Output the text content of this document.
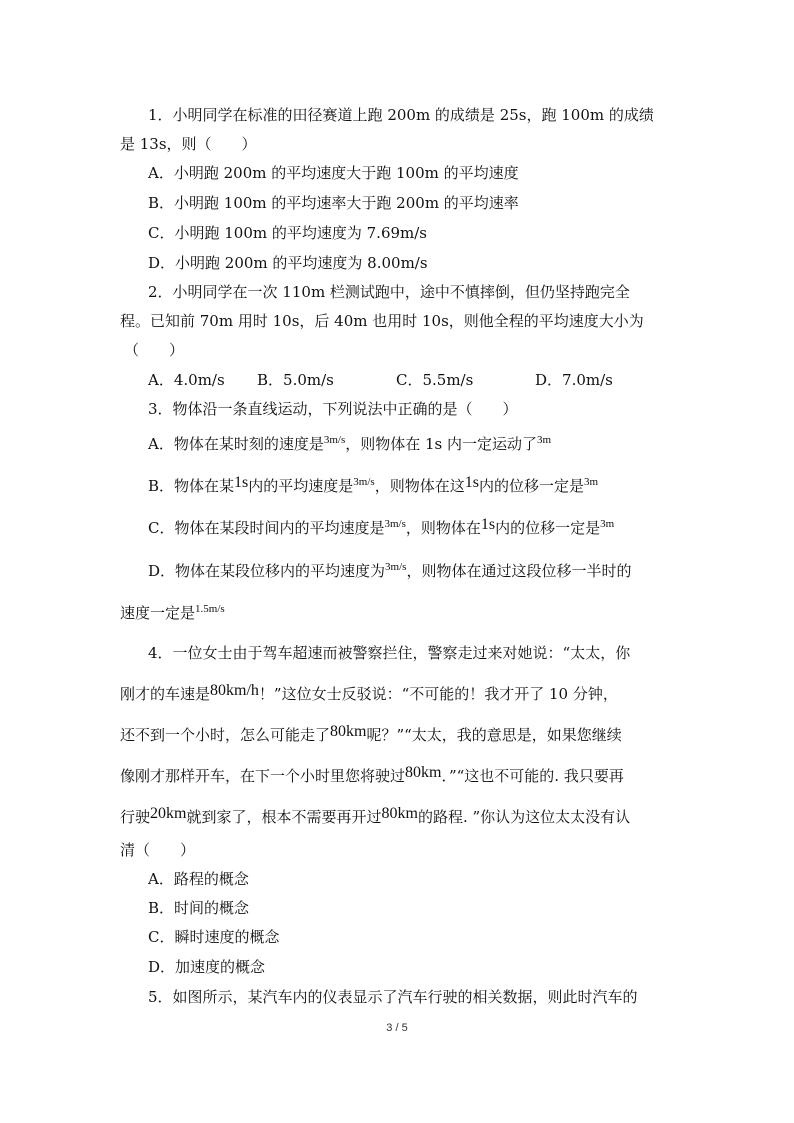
1．小明同学在标准的田径赛道上跑 200m 的成绩是 25s，跑 100m 的成绩
是 13s，则（　　）
A．小明跑 200m 的平均速度大于跑 100m 的平均速度
B．小明跑 100m 的平均速率大于跑 200m 的平均速率
C．小明跑 100m 的平均速度为 7.69m/s
D．小明跑 200m 的平均速度为 8.00m/s
2．小明同学在一次 110m 栏测试跑中，途中不慎摔倒，但仍坚持跑完全
程。已知前 70m 用时 10s，后 40m 也用时 10s，则他全程的平均速度大小为
（　　）
A．4.0m/s B．5.0m/s	C．5.5m/s	D．7.0m/s
3．物体沿一条直线运动，下列说法中正确的是（　　）
A．物体在某时刻的速度是$^{3m/s}$，则物体在 1s 内一定运动了$^{3m}$
B．物体在某1s内的平均速度是$^{3m/s}$，则物体在这1s内的位移一定是$^{3m}$
C．物体在某段时间内的平均速度是$^{3m/s}$，则物体在1s内的位移一定是$^{3m}$
D．物体在某段位移内的平均速度为$^{3m/s}$，则物体在通过这段位移一半时的
速度一定是$^{1.5m/s}$
4．一位女士由于驾车超速而被警察拦住，警察走过来对她说：“太太，你
刚才的车速是80km/h！”这位女士反驳说：“不可能的！我才开了 10 分钟，
还不到一个小时，怎么可能走了80km呢？”“太太，我的意思是，如果您继续
像刚才那样开车，在下一个小时里您将驶过80km．”“这也不可能的. 我只要再
行驶20km就到家了，根本不需要再开过80km的路程. ”你认为这位太太没有认
清（　　）
A．路程的概念
B．时间的概念
C．瞬时速度的概念
D．加速度的概念
5．如图所示，某汽车内的仪表显示了汽车行驶的相关数据，则此时汽车的
3 / 5
